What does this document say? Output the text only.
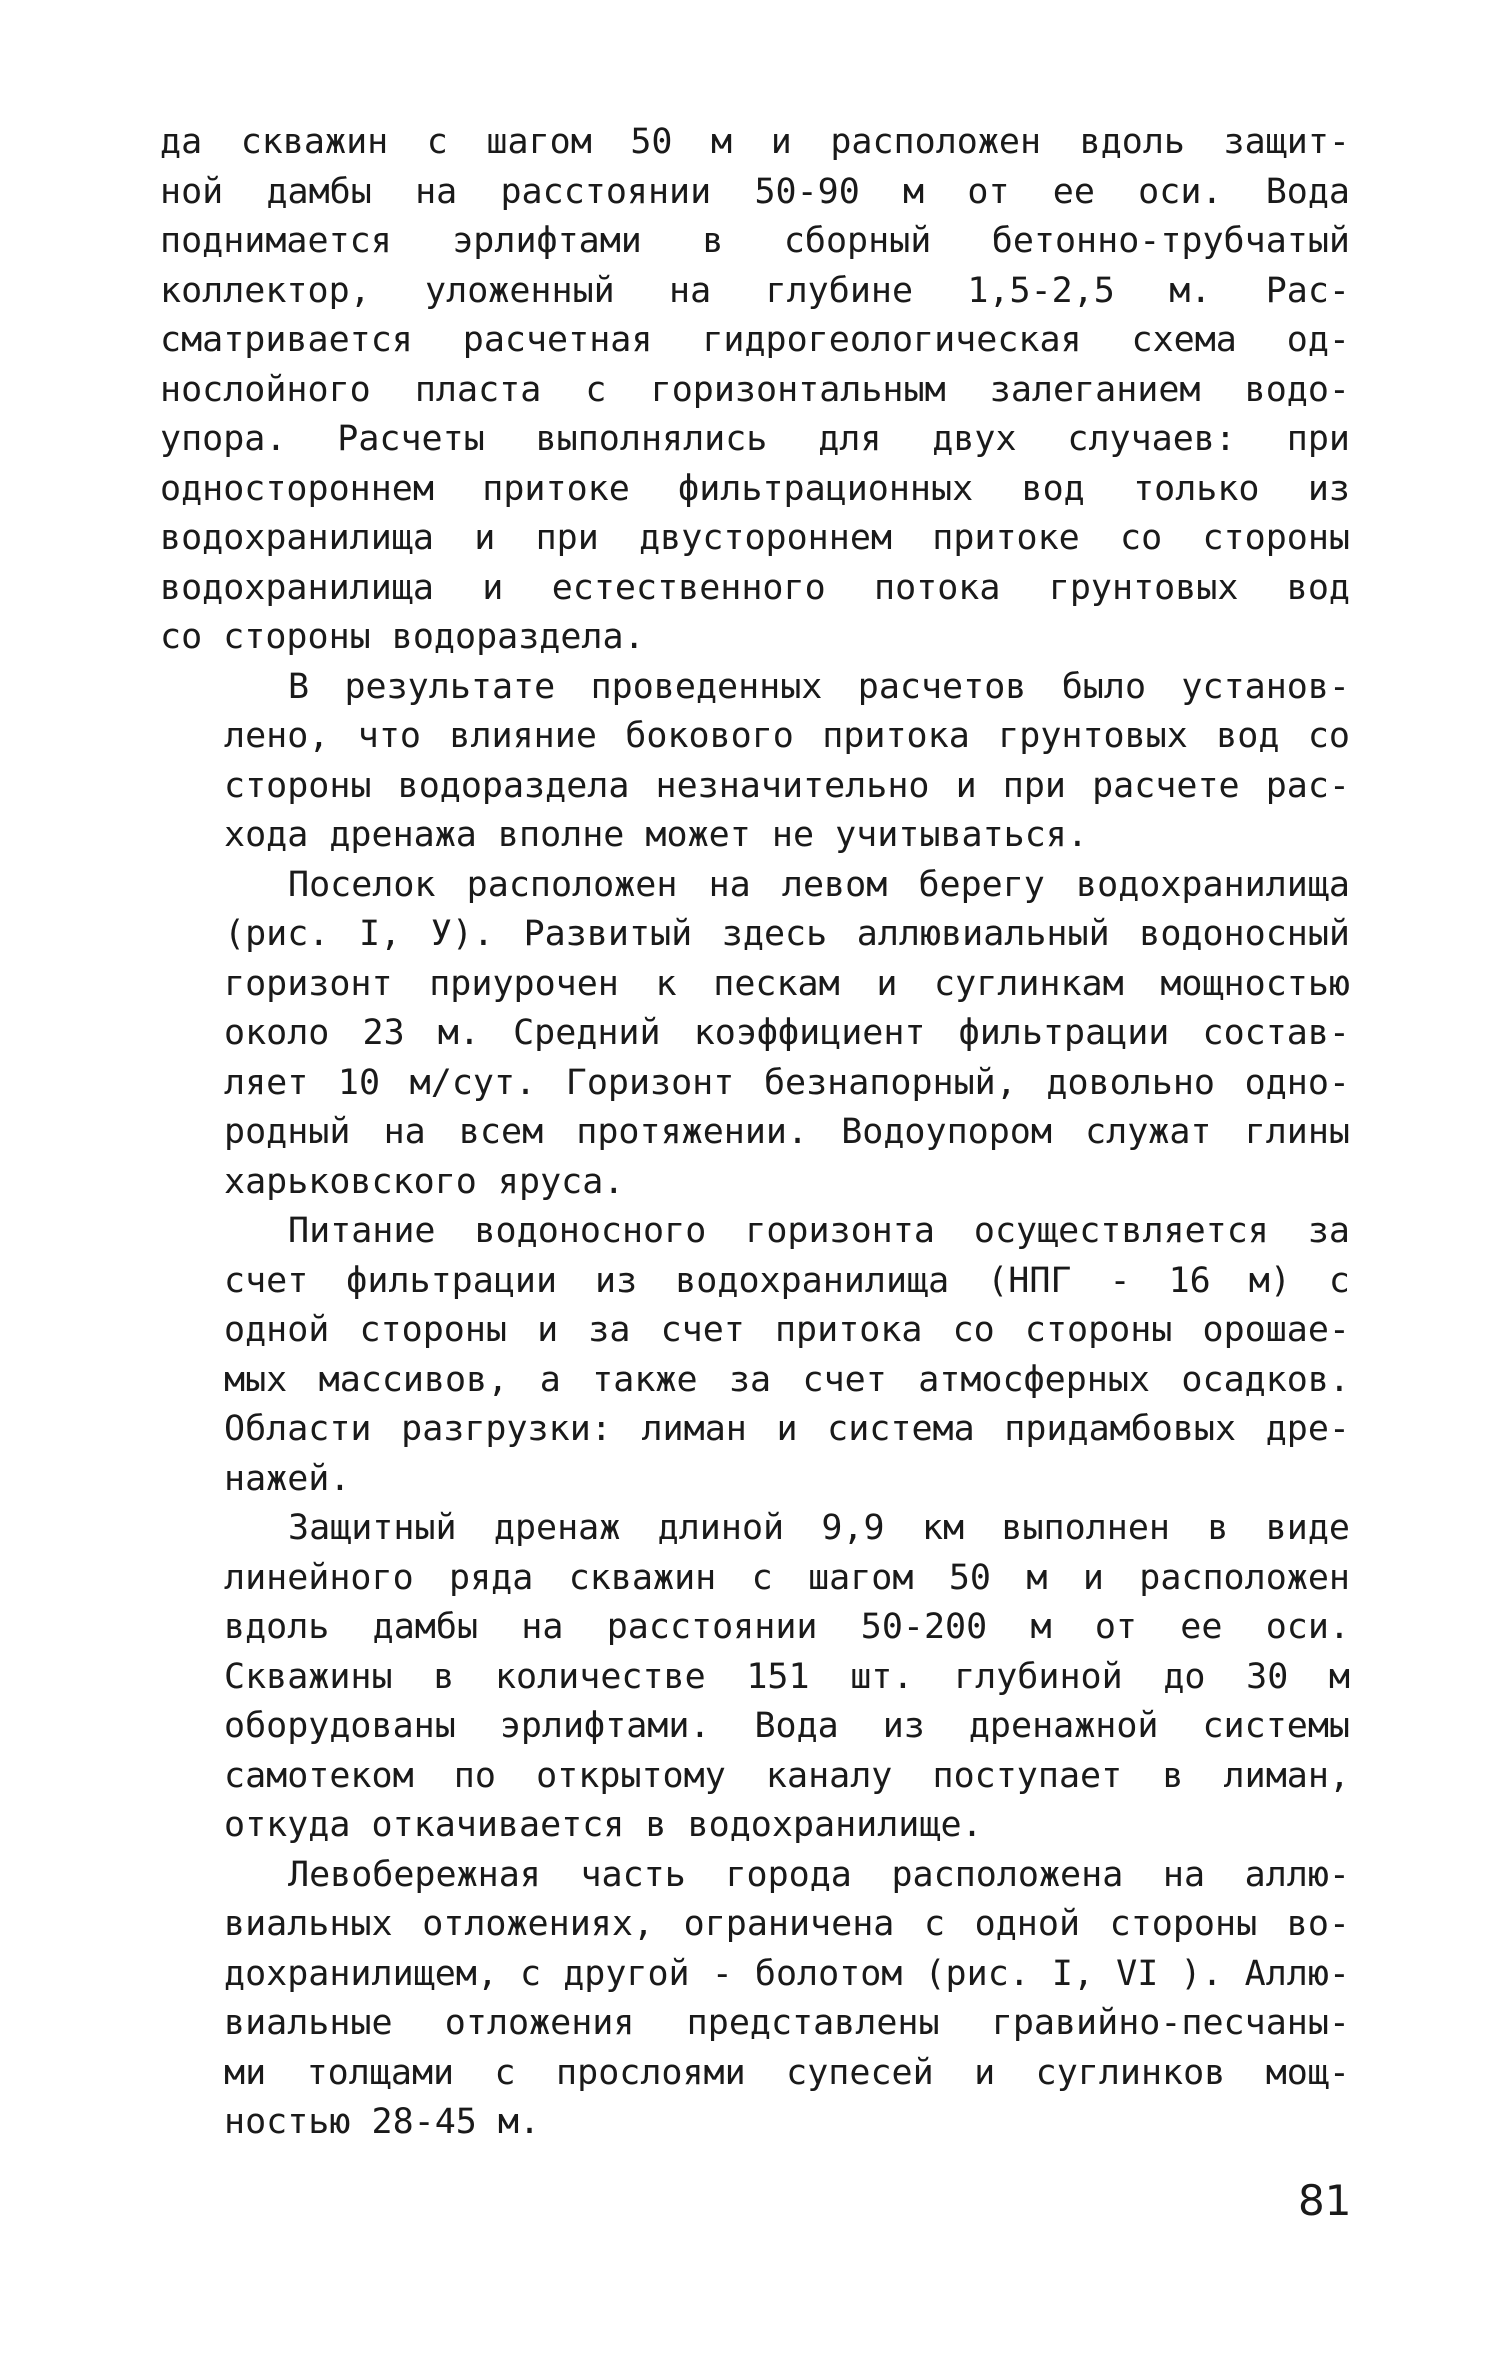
да скважин с шагом 50 м и расположен вдоль защит-
ной дамбы на расстоянии 50-90 м от ее оси. Вода
поднимается эрлифтами в сборный бетонно-трубчатый
коллектор, уложенный на глубине 1,5-2,5 м. Рас-
сматривается расчетная гидрогеологическая схема од-
нослойного пласта с горизонтальным залеганием водо-
упора. Расчеты выполнялись для двух случаев: при
одностороннем притоке фильтрационных вод только из
водохранилища и при двустороннем притоке со стороны
водохранилища и естественного потока грунтовых вод
со стороны водораздела.
В результате проведенных расчетов было установ-
лено, что влияние бокового притока грунтовых вод со
стороны водораздела незначительно и при расчете рас-
хода дренажа вполне может не учитываться.
Поселок расположен на левом берегу водохранилища
(рис. I, У). Развитый здесь аллювиальный водоносный
горизонт приурочен к пескам и суглинкам мощностью
около 23 м. Средний коэффициент фильтрации состав-
ляет 10 м/сут. Горизонт безнапорный, довольно одно-
родный на всем протяжении. Водоупором служат глины
харьковского яруса.
Питание водоносного горизонта осуществляется за
счет фильтрации из водохранилища (НПГ - 16 м) с
одной стороны и за счет притока со стороны орошае-
мых массивов, а также за счет атмосферных осадков.
Области разгрузки: лиман и система придамбовых дре-
нажей.
Защитный дренаж длиной 9,9 км выполнен в виде
линейного ряда скважин с шагом 50 м и расположен
вдоль дамбы на расстоянии 50-200 м от ее оси.
Скважины в количестве 151 шт. глубиной до 30 м
оборудованы эрлифтами. Вода из дренажной системы
самотеком по открытому каналу поступает в лиман,
откуда откачивается в водохранилище.
Левобережная часть города расположена на аллю-
виальных отложениях, ограничена с одной стороны во-
дохранилищем, с другой - болотом (рис. I, VI ). Аллю-
виальные отложения представлены гравийно-песчаны-
ми толщами с прослоями супесей и суглинков мощ-
ностью 28-45 м.
81
